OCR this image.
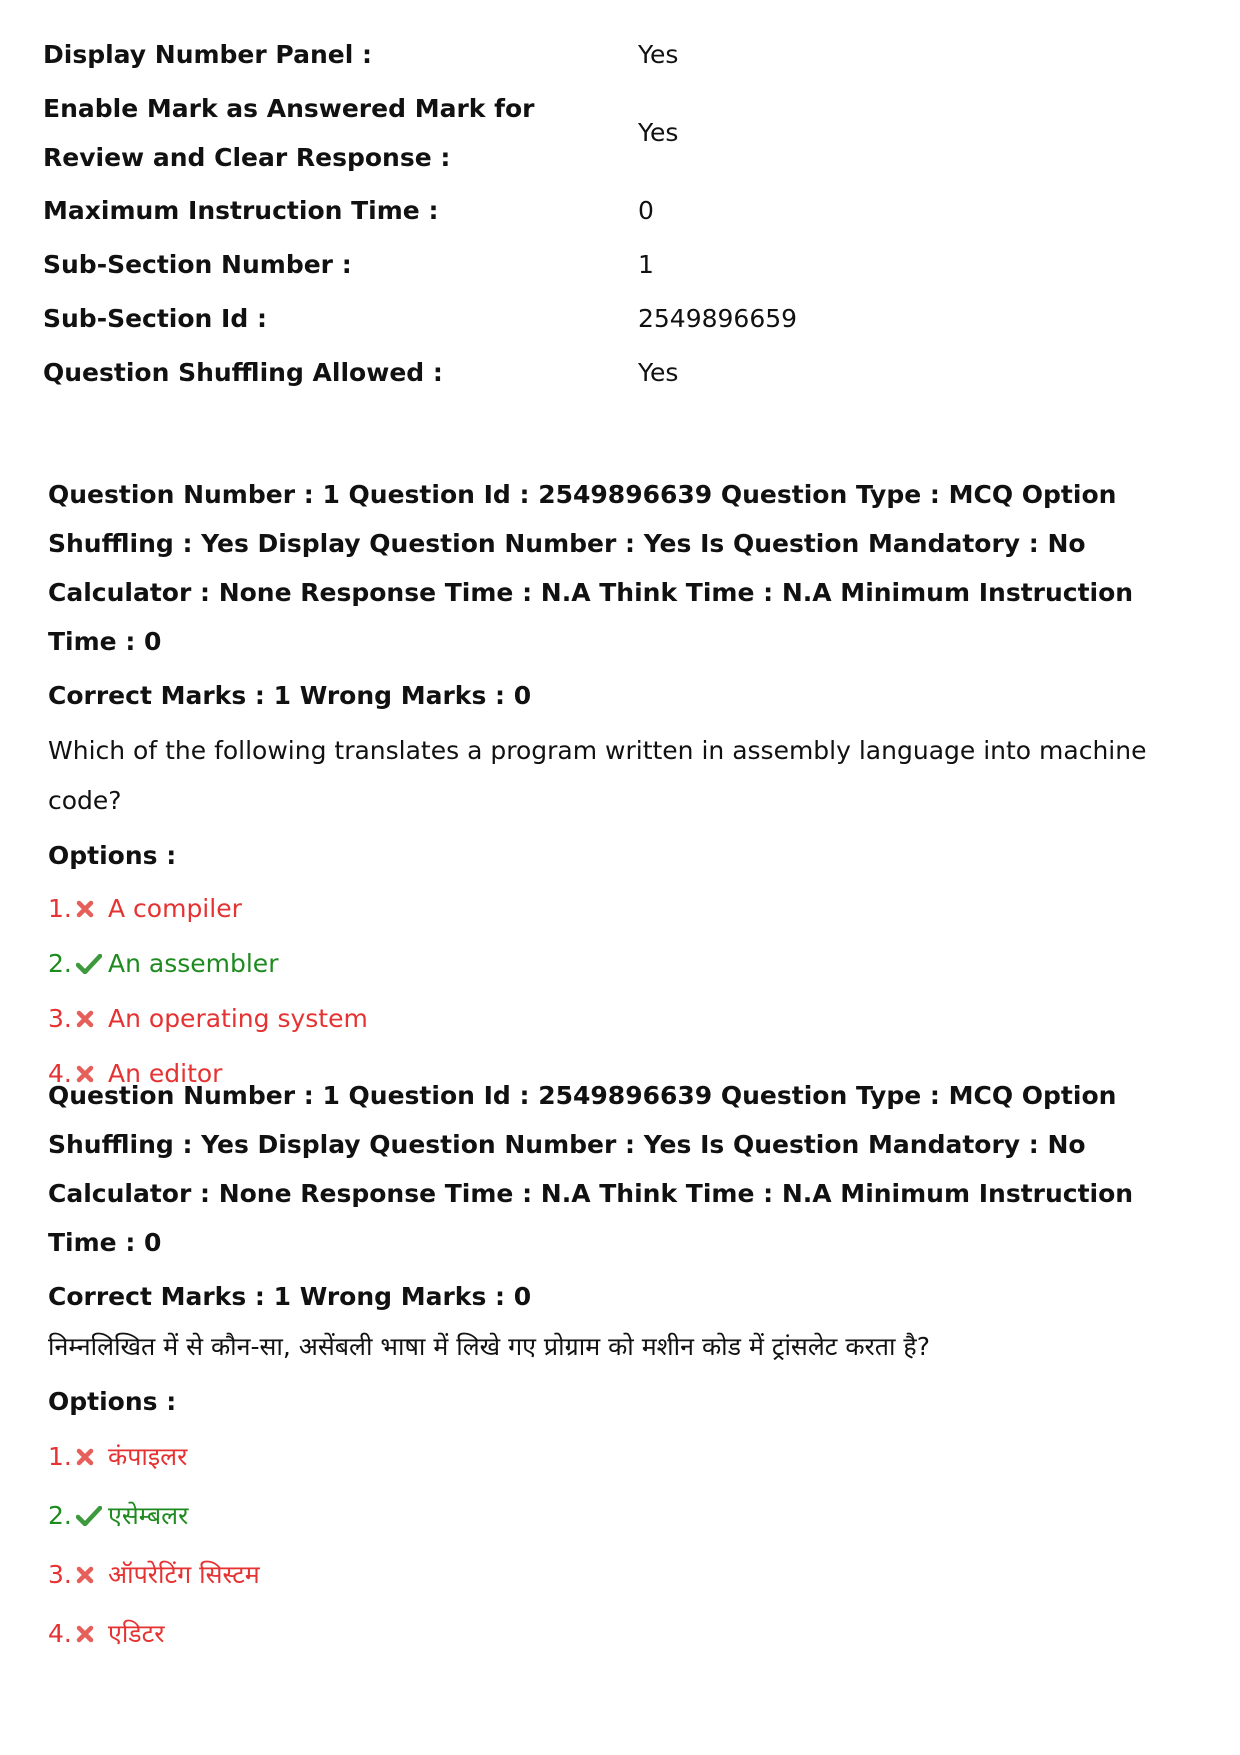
Display Number Panel :	Yes
Enable Mark as Answered Mark for Review and Clear Response :
Yes
Maximum Instruction Time :	0
Sub-Section Number :	1
Sub-Section Id :	2549896659
Question Shuffling Allowed :	Yes

Question Number : 1 Question Id : 2549896639 Question Type : MCQ Option Shuffling : Yes Display Question Number : Yes Is Question Mandatory : No Calculator : None Response Time : N.A Think Time : N.A Minimum Instruction Time : 0

Correct Marks : 1 Wrong Marks : 0

Which of the following translates a program written in assembly language into machine code?

Options :

1. A compiler
2. An assembler
3. An operating system
4. An editor

Question Number : 1 Question Id : 2549896639 Question Type : MCQ Option Shuffling : Yes Display Question Number : Yes Is Question Mandatory : No Calculator : None Response Time : N.A Think Time : N.A Minimum Instruction Time : 0

Correct Marks : 1 Wrong Marks : 0

निम्नलिखित में से कौन-सा, असेंबली भाषा में लिखे गए प्रोग्राम को मशीन कोड में ट्रांसलेट करता है?

Options :

1. कंपाइलर
2. एसेम्बलर
3. ऑपरेटिंग सिस्टम
4. एडिटर
